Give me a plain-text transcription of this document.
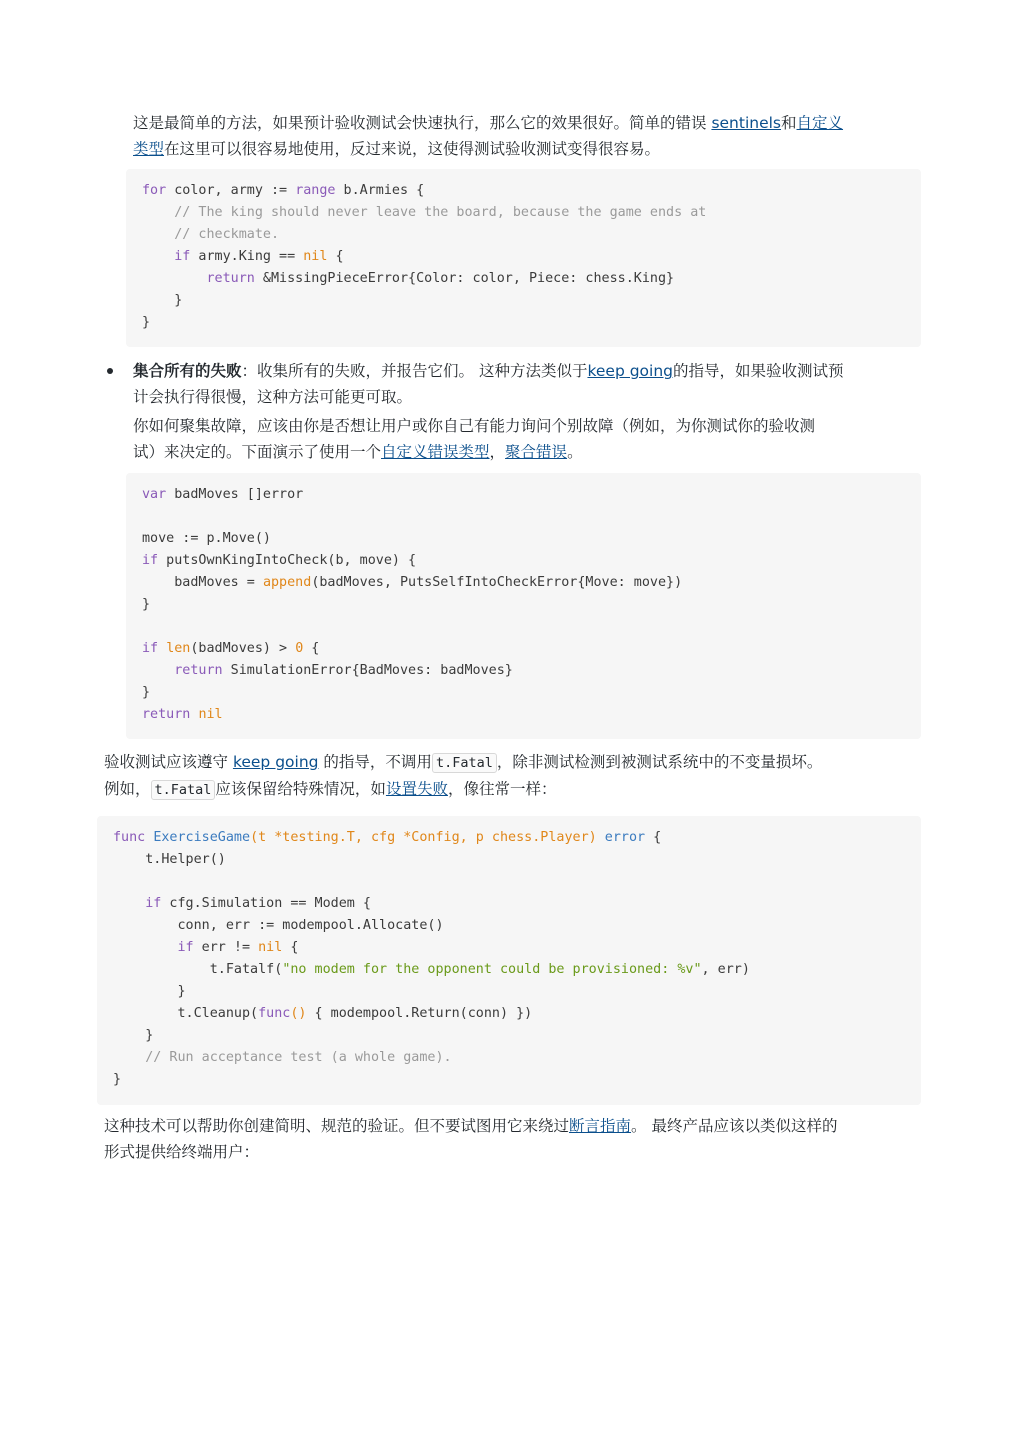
这是最简单的方法，如果预计验收测试会快速执行，那么它的效果很好。简单的错误 sentinels和自定义

类型在这里可以很容易地使用，反过来说，这使得测试验收测试变得很容易。

for color, army := range b.Armies {
// The king should never leave the board, because the game ends at
// checkmate.
if army.King == nil {
return &MissingPieceError{Color: color, Piece: chess.King}
}
}

集合所有的失败：收集所有的失败，并报告它们。 这种方法类似于keep going的指导，如果验收测试预

计会执行得很慢，这种方法可能更可取。

你如何聚集故障，应该由你是否想让用户或你自己有能力询问个别故障（例如，为你测试你的验收测

试）来决定的。下面演示了使用一个自定义错误类型，聚合错误。

var badMoves []error
move := p.Move()
if putsOwnKingIntoCheck(b, move) {
badMoves = append(badMoves, PutsSelfIntoCheckError{Move: move})
}
if len(badMoves) > 0 {
return SimulationError{BadMoves: badMoves}
}
return nil

验收测试应该遵守 keep going 的指导，不调用 t.Fatal ，除非测试检测到被测试系统中的不变量损坏。

例如， t.Fatal 应该保留给特殊情况，如设置失败，像往常一样：

func ExerciseGame(t *testing.T, cfg *Config, p chess.Player) error {
t.Helper()
if cfg.Simulation == Modem {
conn, err := modempool.Allocate()
if err != nil {
t.Fatalf("no modem for the opponent could be provisioned: %v", err)
}
t.Cleanup(func() { modempool.Return(conn) })
}
// Run acceptance test (a whole game).
}

这种技术可以帮助你创建简明、规范的验证。但不要试图用它来绕过断言指南。 最终产品应该以类似这样的

形式提供给终端用户：
